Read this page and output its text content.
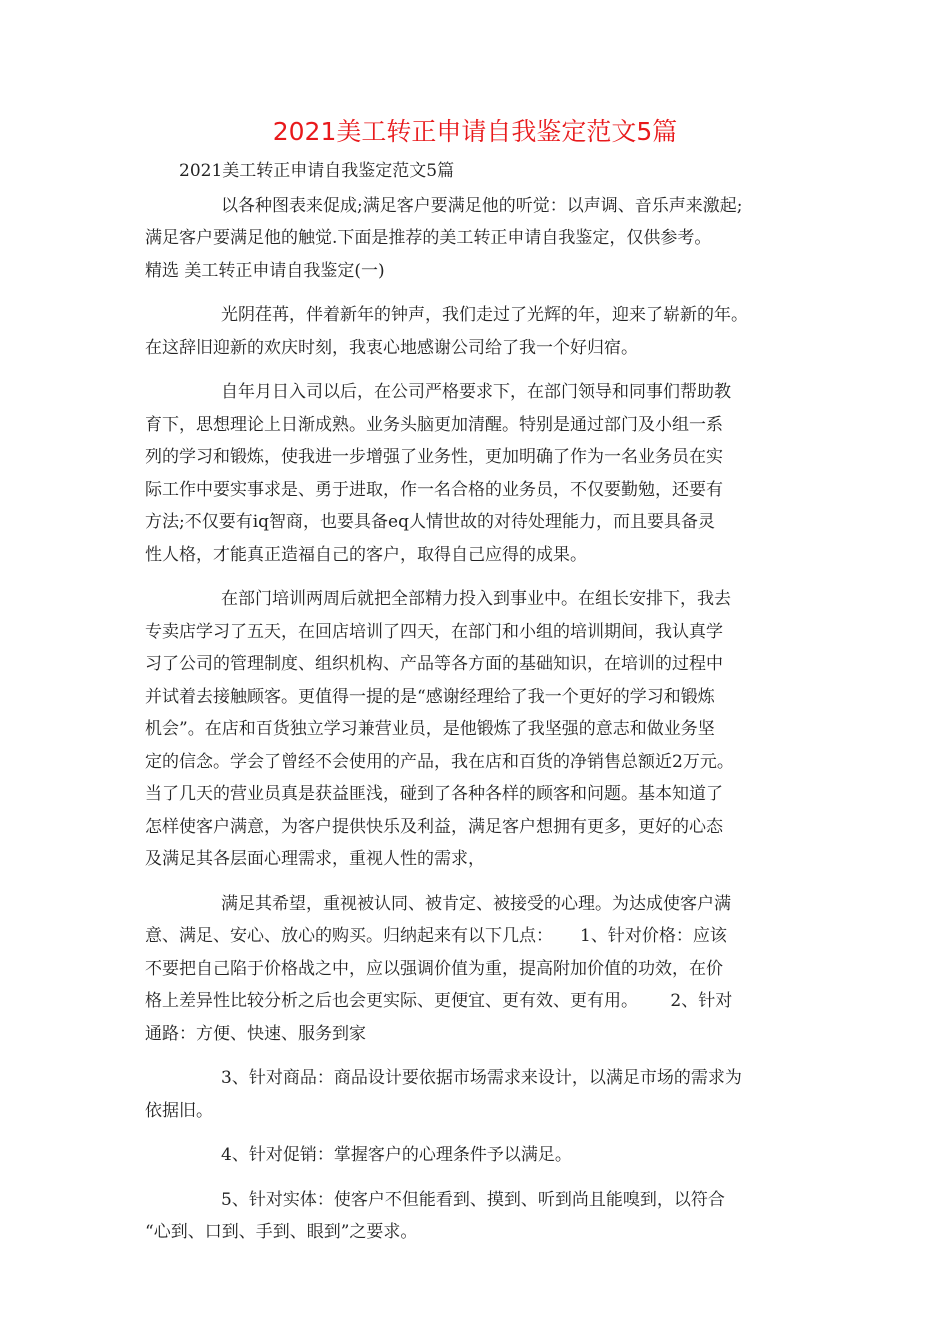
2021美工转正申请自我鉴定范文5篇
2021美工转正申请自我鉴定范文5篇
以各种图表来促成;满足客户要满足他的听觉：以声调、音乐声来激起;
满足客户要满足他的触觉.下面是推荐的美工转正申请自我鉴定，仅供参考。
精选 美工转正申请自我鉴定(一)
光阴荏苒，伴着新年的钟声，我们走过了光辉的年，迎来了崭新的年。
在这辞旧迎新的欢庆时刻，我衷心地感谢公司给了我一个好归宿。
自年月日入司以后，在公司严格要求下，在部门领导和同事们帮助教
育下，思想理论上日渐成熟。业务头脑更加清醒。特别是通过部门及小组一系
列的学习和锻炼，使我进一步增强了业务性，更加明确了作为一名业务员在实
际工作中要实事求是、勇于进取，作一名合格的业务员，不仅要勤勉，还要有
方法;不仅要有iq智商，也要具备eq人情世故的对待处理能力，而且要具备灵
性人格，才能真正造福自己的客户，取得自己应得的成果。
在部门培训两周后就把全部精力投入到事业中。在组长安排下，我去
专卖店学习了五天，在回店培训了四天，在部门和小组的培训期间，我认真学
习了公司的管理制度、组织机构、产品等各方面的基础知识，在培训的过程中
并试着去接触顾客。更值得一提的是“感谢经理给了我一个更好的学习和锻炼
机会”。在店和百货独立学习兼营业员，是他锻炼了我坚强的意志和做业务坚
定的信念。学会了曾经不会使用的产品，我在店和百货的净销售总额近2万元。
当了几天的营业员真是获益匪浅，碰到了各种各样的顾客和问题。基本知道了
怎样使客户满意，为客户提供快乐及利益，满足客户想拥有更多，更好的心态
及满足其各层面心理需求，重视人性的需求，
满足其希望，重视被认同、被肯定、被接受的心理。为达成使客户满
意、满足、安心、放心的购买。归纳起来有以下几点：     1、针对价格：应该
不要把自己陷于价格战之中，应以强调价值为重，提高附加价值的功效，在价
格上差异性比较分析之后也会更实际、更便宜、更有效、更有用。      2、针对
通路：方便、快速、服务到家
3、针对商品：商品设计要依据市场需求来设计，以满足市场的需求为
依据旧。
4、针对促销：掌握客户的心理条件予以满足。
5、针对实体：使客户不但能看到、摸到、听到尚且能嗅到，以符合
“心到、口到、手到、眼到”之要求。
